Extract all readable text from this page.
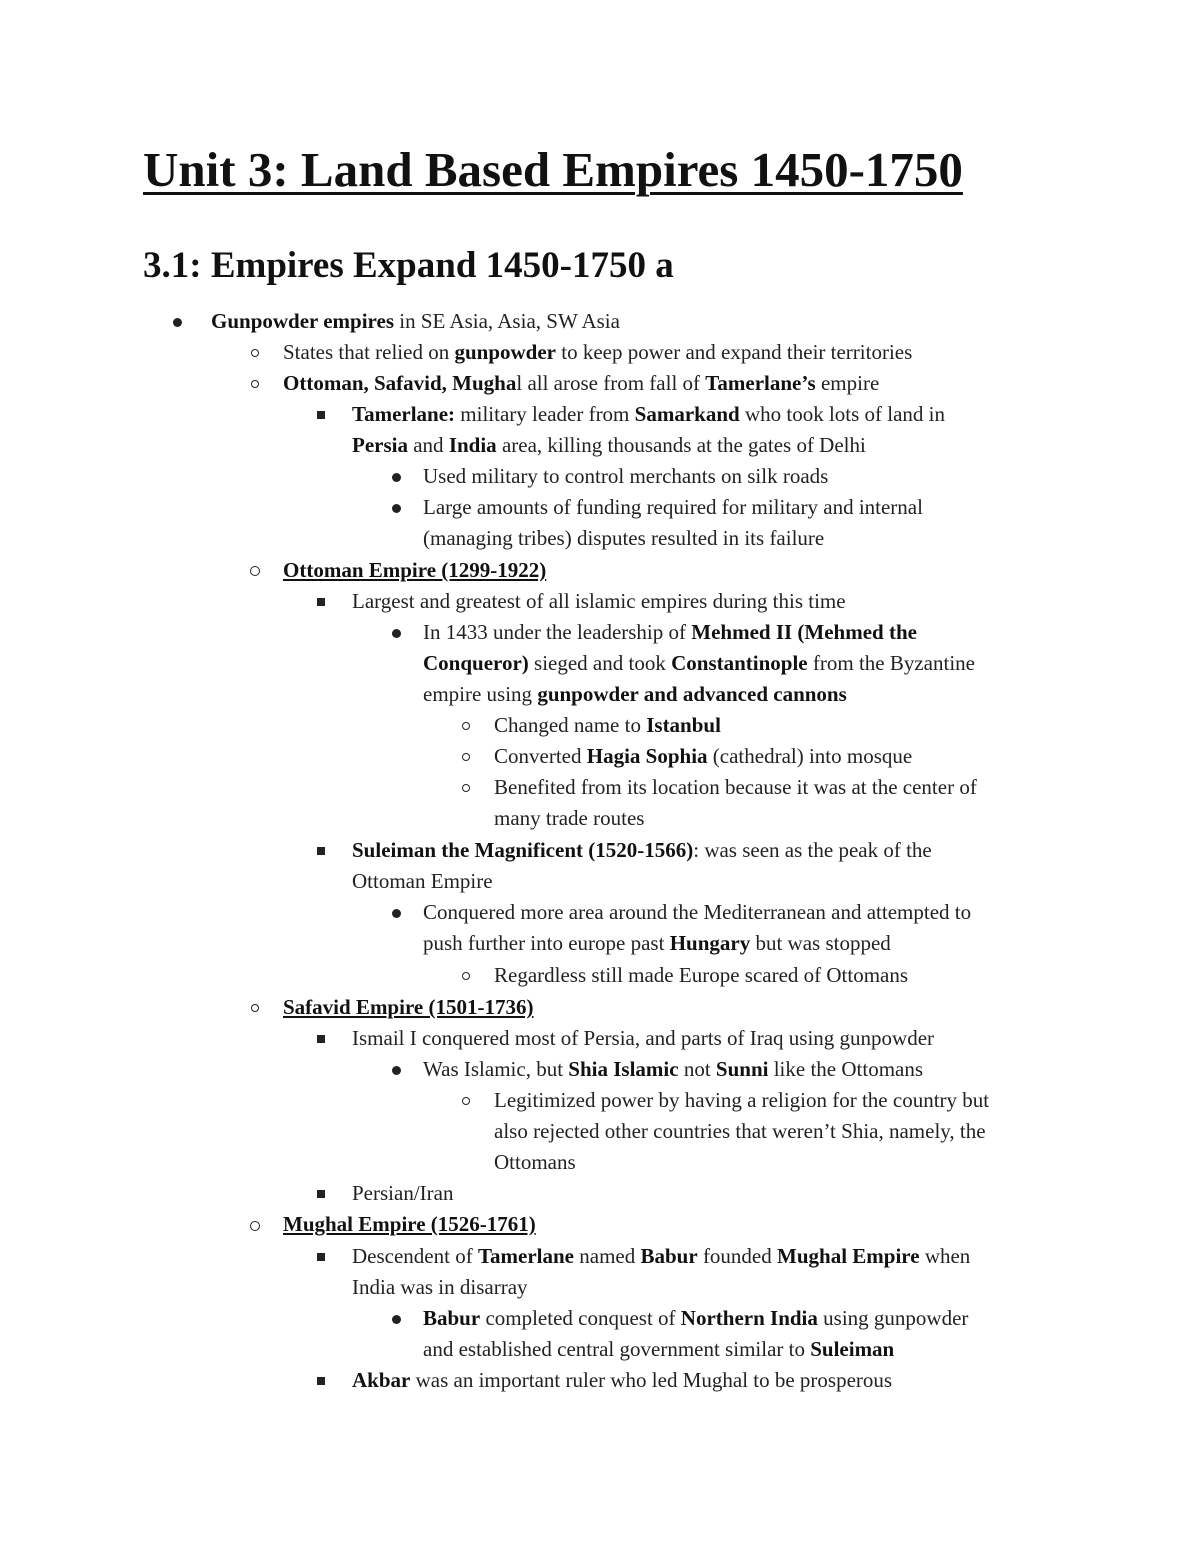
Unit 3: Land Based Empires 1450-1750
3.1: Empires Expand 1450-1750 a
Gunpowder empires in SE Asia, Asia, SW Asia
States that relied on gunpowder to keep power and expand their territories
Ottoman, Safavid, Mughal all arose from fall of Tamerlane’s empire
Tamerlane: military leader from Samarkand who took lots of land in
Persia and India area, killing thousands at the gates of Delhi
Used military to control merchants on silk roads
Large amounts of funding required for military and internal
(managing tribes) disputes resulted in its failure
Ottoman Empire (1299-1922)
Largest and greatest of all islamic empires during this time
In 1433 under the leadership of Mehmed II (Mehmed the
Conqueror) sieged and took Constantinople from the Byzantine
empire using gunpowder and advanced cannons
Changed name to Istanbul
Converted Hagia Sophia (cathedral) into mosque
Benefited from its location because it was at the center of
many trade routes
Suleiman the Magnificent (1520-1566): was seen as the peak of the
Ottoman Empire
Conquered more area around the Mediterranean and attempted to
push further into europe past Hungary but was stopped
Regardless still made Europe scared of Ottomans
Safavid Empire (1501-1736)
Ismail I conquered most of Persia, and parts of Iraq using gunpowder
Was Islamic, but Shia Islamic not Sunni like the Ottomans
Legitimized power by having a religion for the country but
also rejected other countries that weren’t Shia, namely, the
Ottomans
Persian/Iran
Mughal Empire (1526-1761)
Descendent of Tamerlane named Babur founded Mughal Empire when
India was in disarray
Babur completed conquest of Northern India using gunpowder
and established central government similar to Suleiman
Akbar was an important ruler who led Mughal to be prosperous
